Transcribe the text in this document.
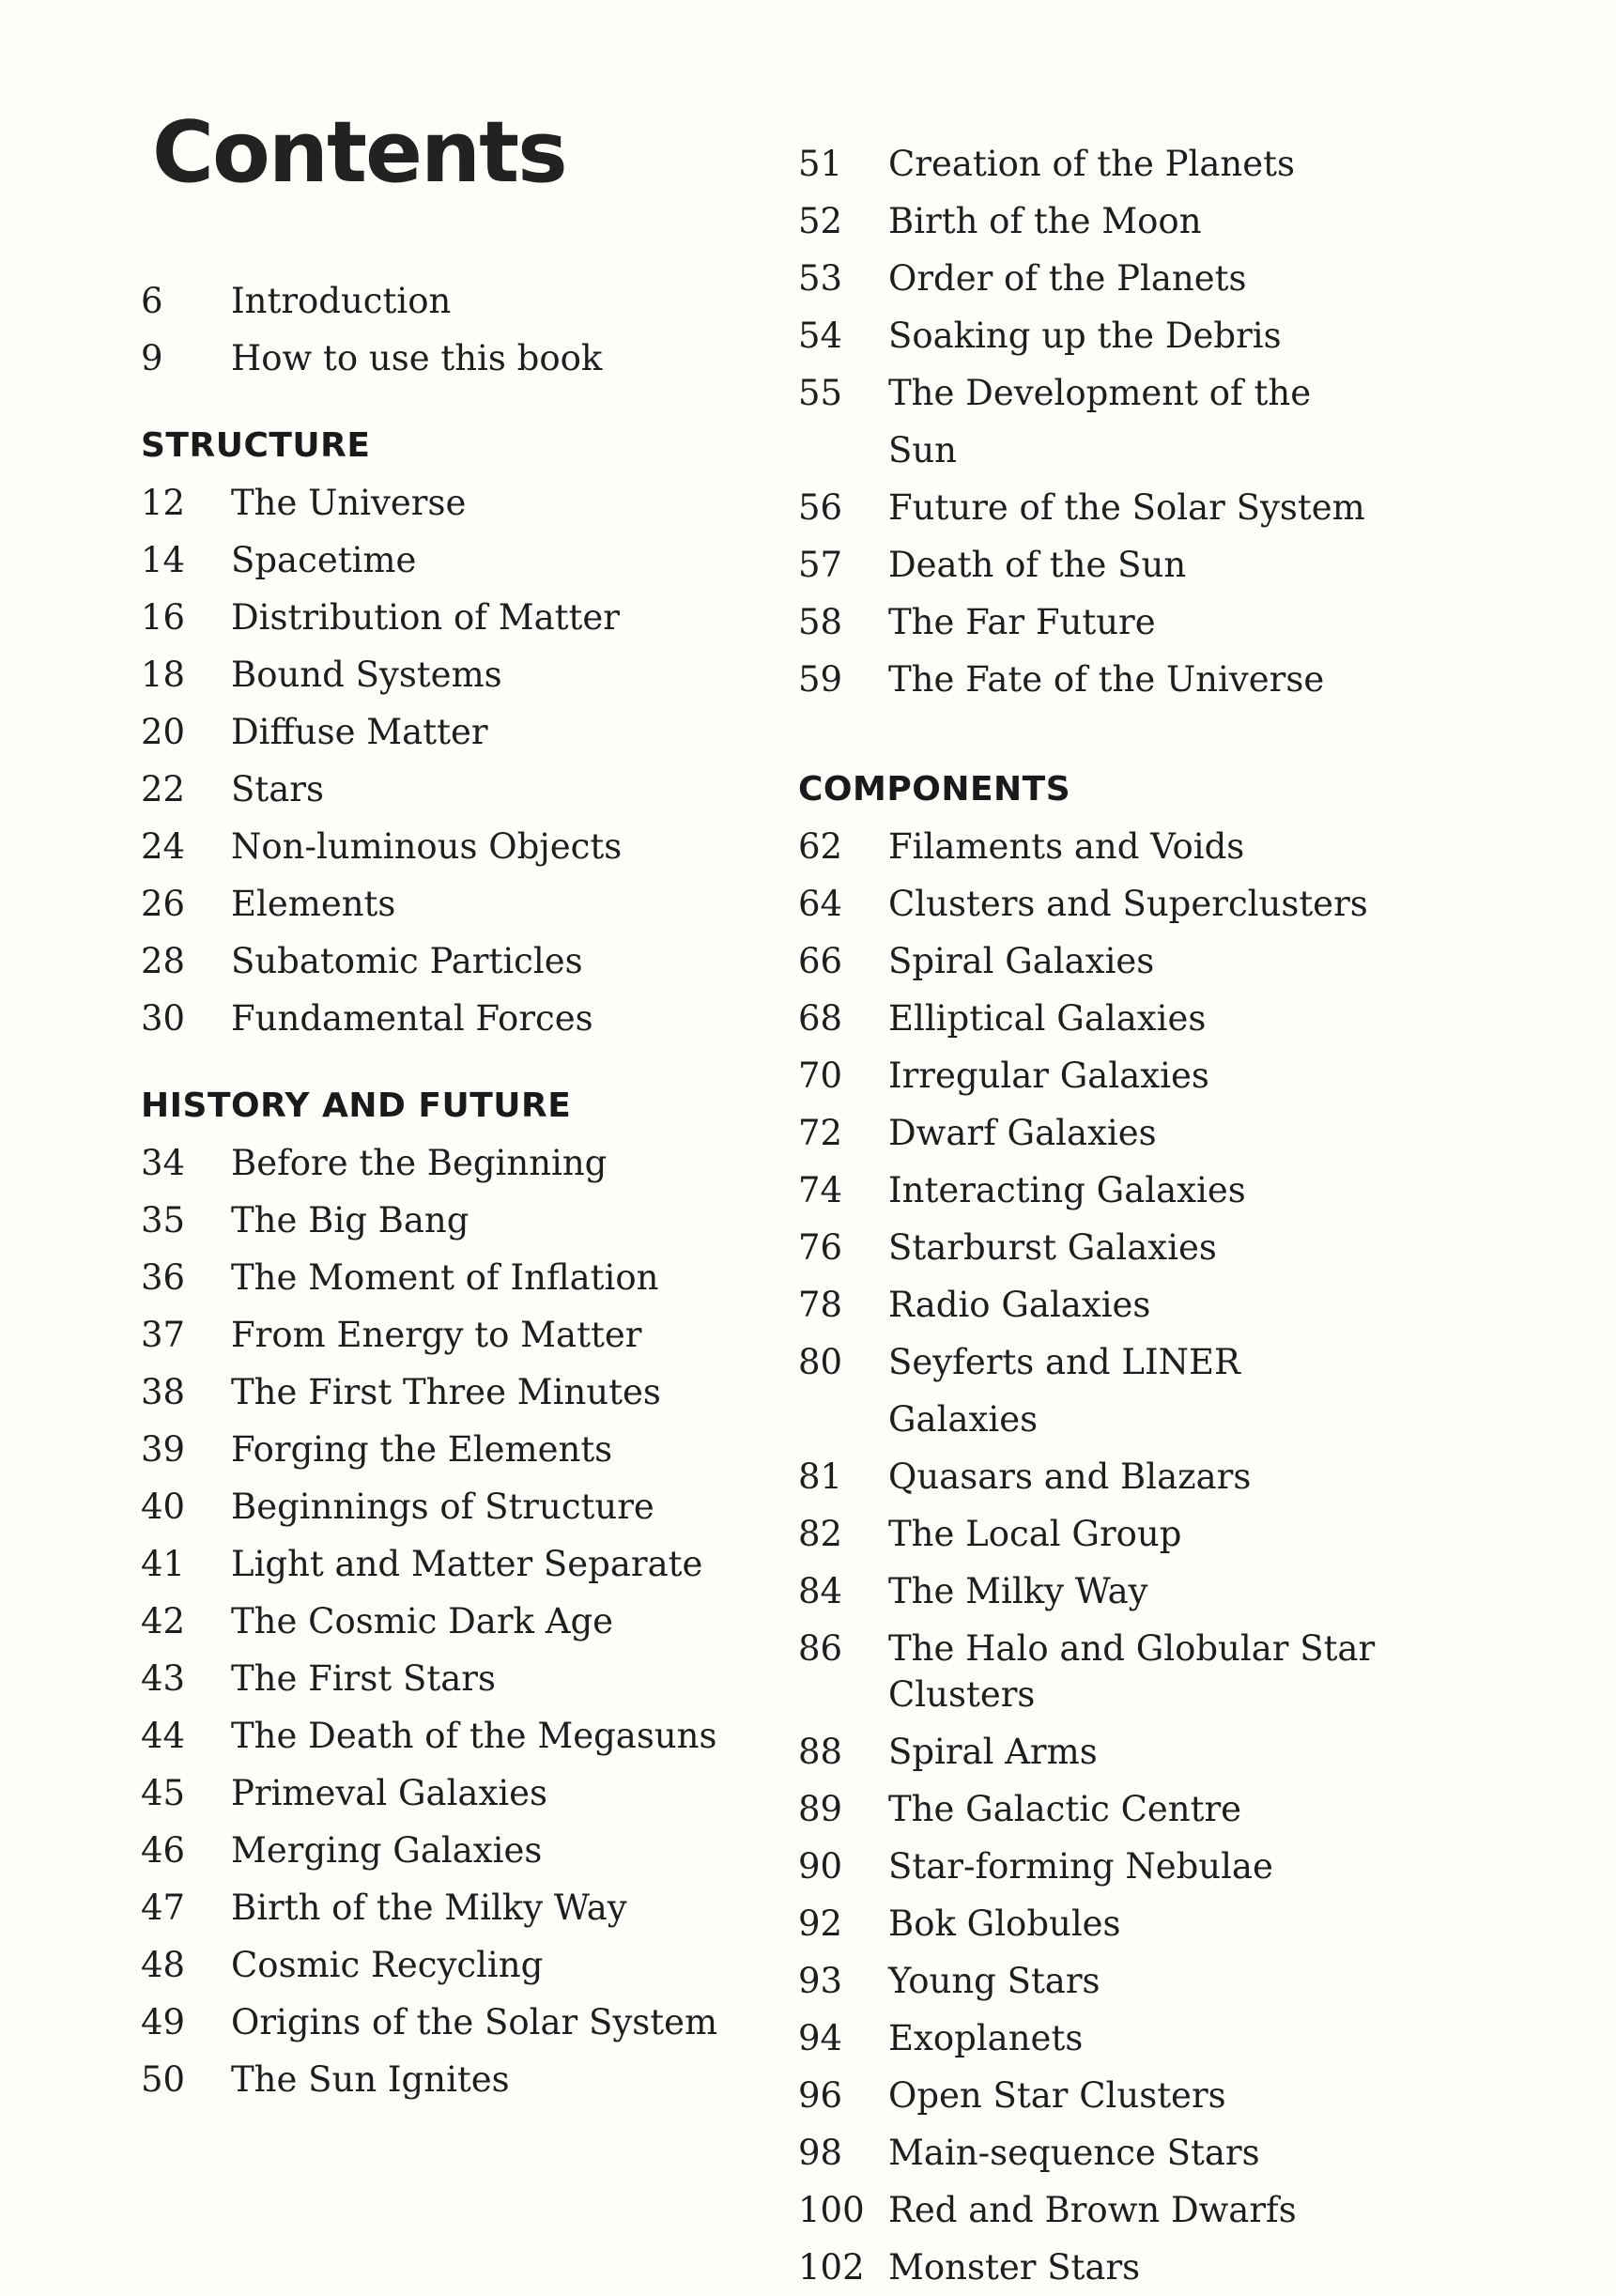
Contents
6	Introduction
9	How to use this book
STRUCTURE
12	The Universe
14	Spacetime
16	Distribution of Matter
18	Bound Systems
20	Diffuse Matter
22	Stars
24	Non-luminous Objects
26	Elements
28	Subatomic Particles
30	Fundamental Forces
HISTORY AND FUTURE
34	Before the Beginning
35	The Big Bang
36	The Moment of Inflation
37	From Energy to Matter
38	The First Three Minutes
39	Forging the Elements
40	Beginnings of Structure
41	Light and Matter Separate
42	The Cosmic Dark Age
43	The First Stars
44	The Death of the Megasuns
45	Primeval Galaxies
46	Merging Galaxies
47	Birth of the Milky Way
48	Cosmic Recycling
49	Origins of the Solar System
50	The Sun Ignites
51	Creation of the Planets
52	Birth of the Moon
53	Order of the Planets
54	Soaking up the Debris
55	The Development of the Sun
56	Future of the Solar System
57	Death of the Sun
58	The Far Future
59	The Fate of the Universe
COMPONENTS
62	Filaments and Voids
64	Clusters and Superclusters
66	Spiral Galaxies
68	Elliptical Galaxies
70	Irregular Galaxies
72	Dwarf Galaxies
74	Interacting Galaxies
76	Starburst Galaxies
78	Radio Galaxies
80	Seyferts and LINER Galaxies
81	Quasars and Blazars
82	The Local Group
84	The Milky Way
86	The Halo and Globular Star Clusters
88	Spiral Arms
89	The Galactic Centre
90	Star-forming Nebulae
92	Bok Globules
93	Young Stars
94	Exoplanets
96	Open Star Clusters
98	Main-sequence Stars
100 Red and Brown Dwarfs
102 Monster Stars
